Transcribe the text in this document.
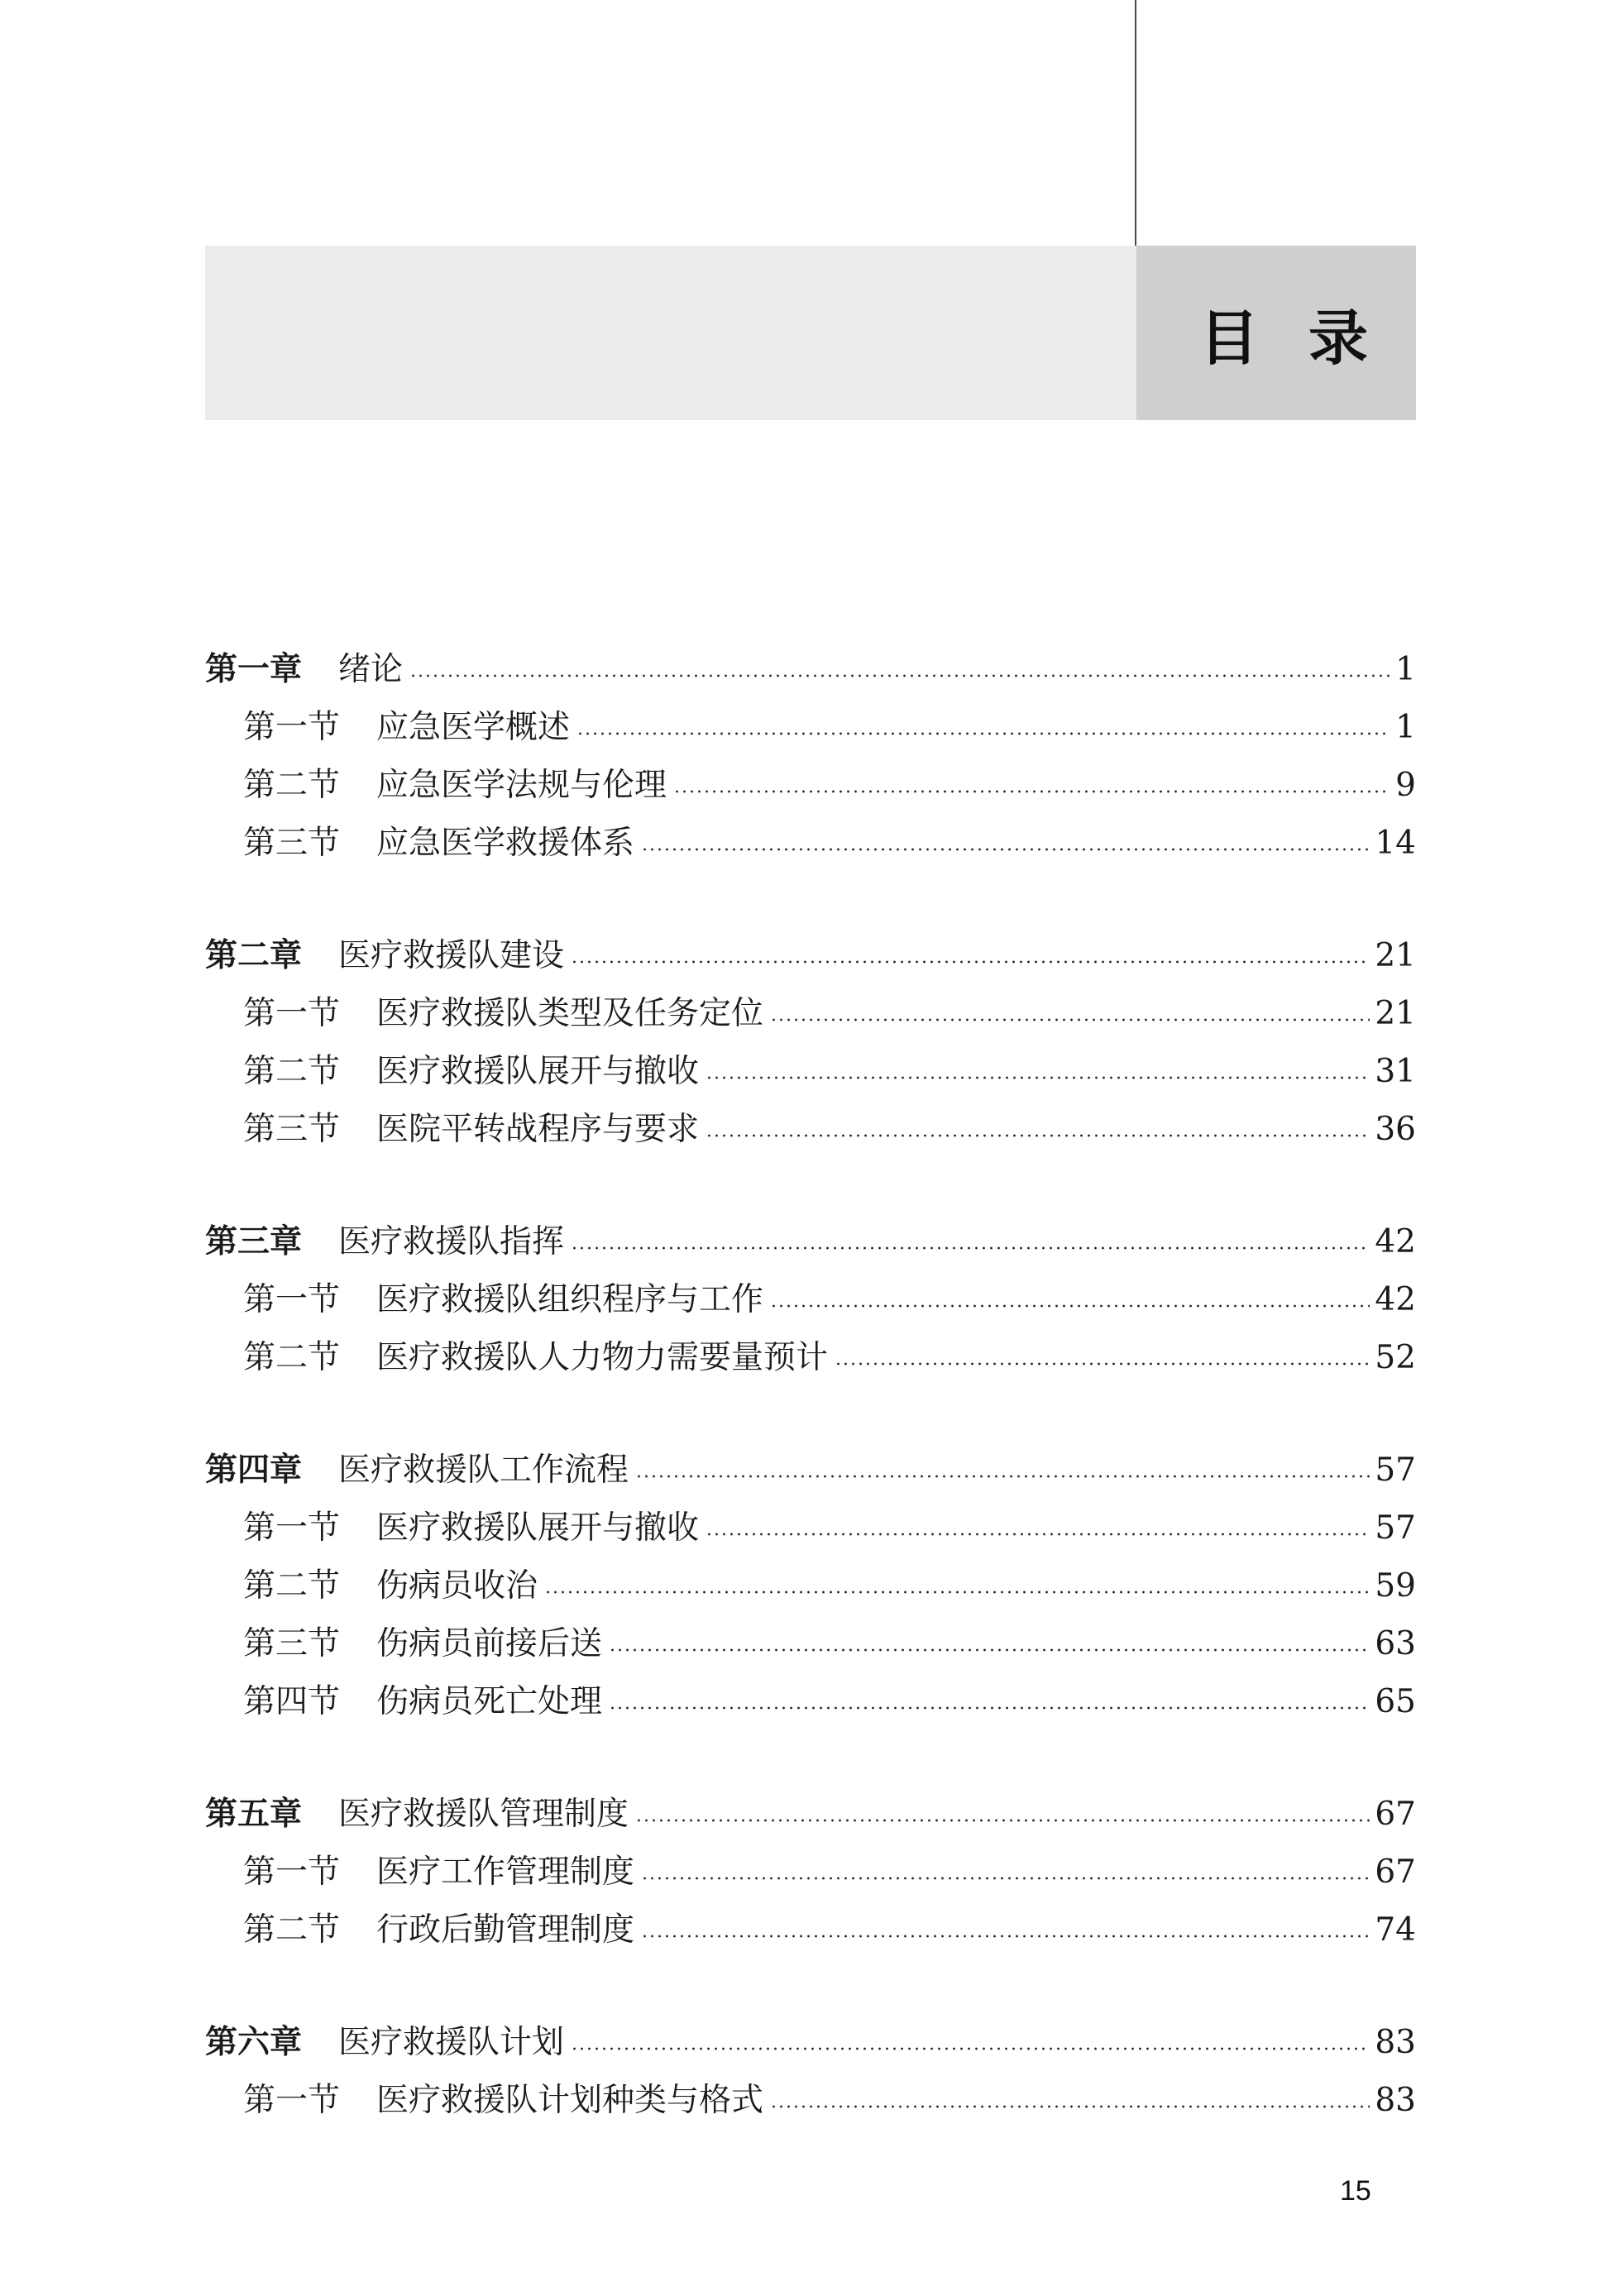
目 录
第一章 绪论	1
第一节 应急医学概述	1
第二节 应急医学法规与伦理	9
第三节 应急医学救援体系	14
第二章 医疗救援队建设	21
第一节 医疗救援队类型及任务定位	21
第二节 医疗救援队展开与撤收	31
第三节 医院平转战程序与要求	36
第三章 医疗救援队指挥	42
第一节 医疗救援队组织程序与工作	42
第二节 医疗救援队人力物力需要量预计	52
第四章 医疗救援队工作流程	57
第一节 医疗救援队展开与撤收	57
第二节 伤病员收治	59
第三节 伤病员前接后送	63
第四节 伤病员死亡处理	65
第五章 医疗救援队管理制度	67
第一节 医疗工作管理制度	67
第二节 行政后勤管理制度	74
第六章 医疗救援队计划	83
第一节 医疗救援队计划种类与格式	83
15
